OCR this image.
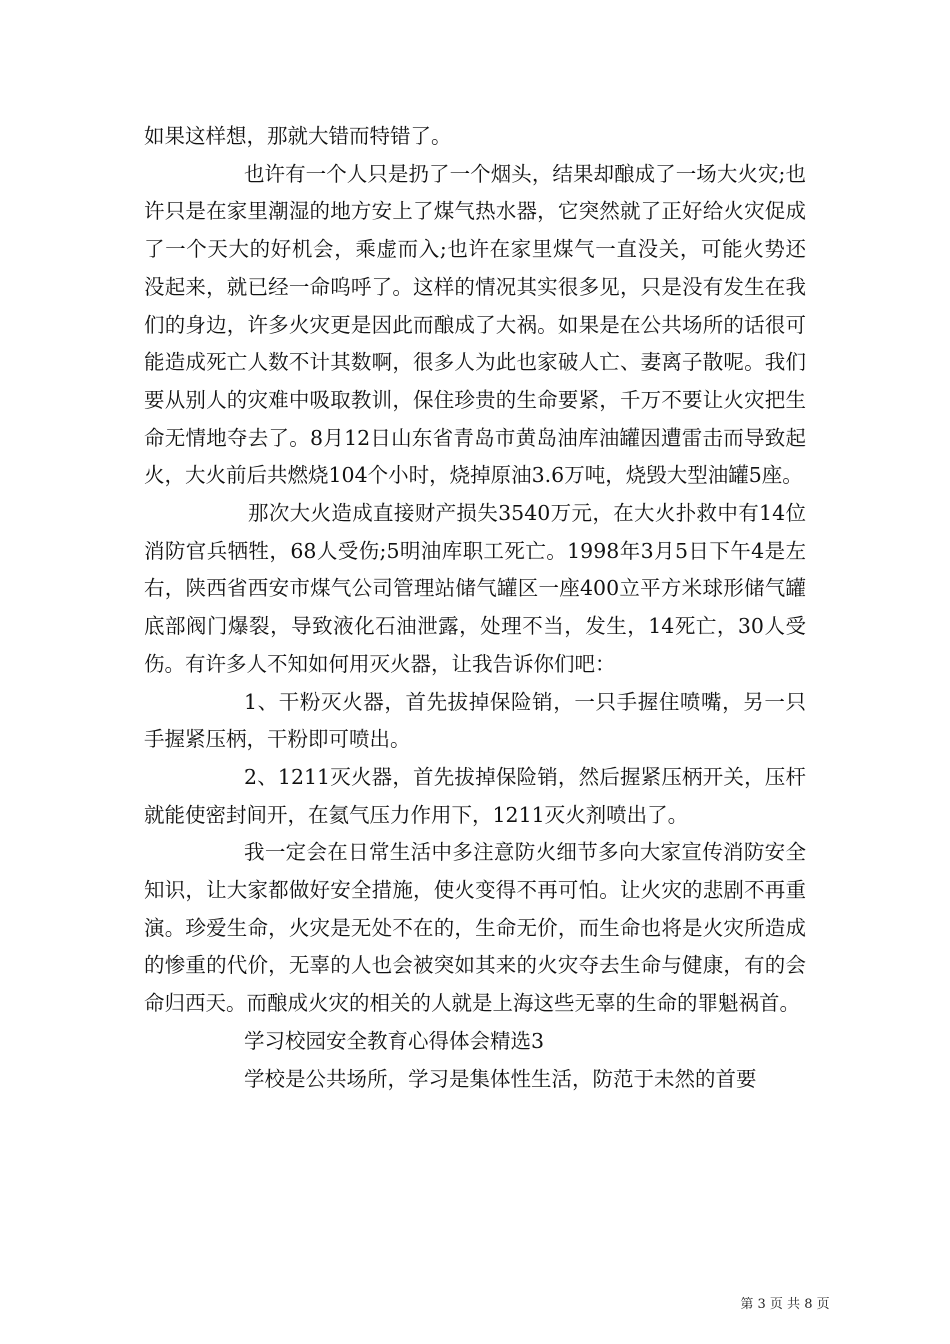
如果这样想，那就大错而特错了。

也许有一个人只是扔了一个烟头，结果却酿成了一场大火灾;也许只是在家里潮湿的地方安上了煤气热水器，它突然就了正好给火灾促成了一个天大的好机会，乘虚而入;也许在家里煤气一直没关，可能火势还没起来，就已经一命呜呼了。这样的情况其实很多见，只是没有发生在我们的身边，许多火灾更是因此而酿成了大祸。如果是在公共场所的话很可能造成死亡人数不计其数啊，很多人为此也家破人亡、妻离子散呢。我们要从别人的灾难中吸取教训，保住珍贵的生命要紧，千万不要让火灾把生命无情地夺去了。8月12日山东省青岛市黄岛油库油罐因遭雷击而导致起火，大火前后共燃烧104个小时，烧掉原油3.6万吨，烧毁大型油罐5座。

那次大火造成直接财产损失3540万元，在大火扑救中有14位消防官兵牺牲，68人受伤;5明油库职工死亡。1998年3月5日下午4是左右，陕西省西安市煤气公司管理站储气罐区一座400立平方米球形储气罐底部阀门爆裂，导致液化石油泄露，处理不当，发生，14死亡，30人受伤。有许多人不知如何用灭火器，让我告诉你们吧：

1、干粉灭火器，首先拔掉保险销，一只手握住喷嘴，另一只手握紧压柄，干粉即可喷出。

2、1211灭火器，首先拔掉保险销，然后握紧压柄开关，压杆就能使密封间开，在氦气压力作用下，1211灭火剂喷出了。

我一定会在日常生活中多注意防火细节多向大家宣传消防安全知识，让大家都做好安全措施，使火变得不再可怕。让火灾的悲剧不再重演。珍爱生命，火灾是无处不在的，生命无价，而生命也将是火灾所造成的惨重的代价，无辜的人也会被突如其来的火灾夺去生命与健康，有的会命归西天。而酿成火灾的相关的人就是上海这些无辜的生命的罪魁祸首。

学习校园安全教育心得体会精选3

学校是公共场所，学习是集体性生活，防范于未然的首要

第 3 页 共 8 页
